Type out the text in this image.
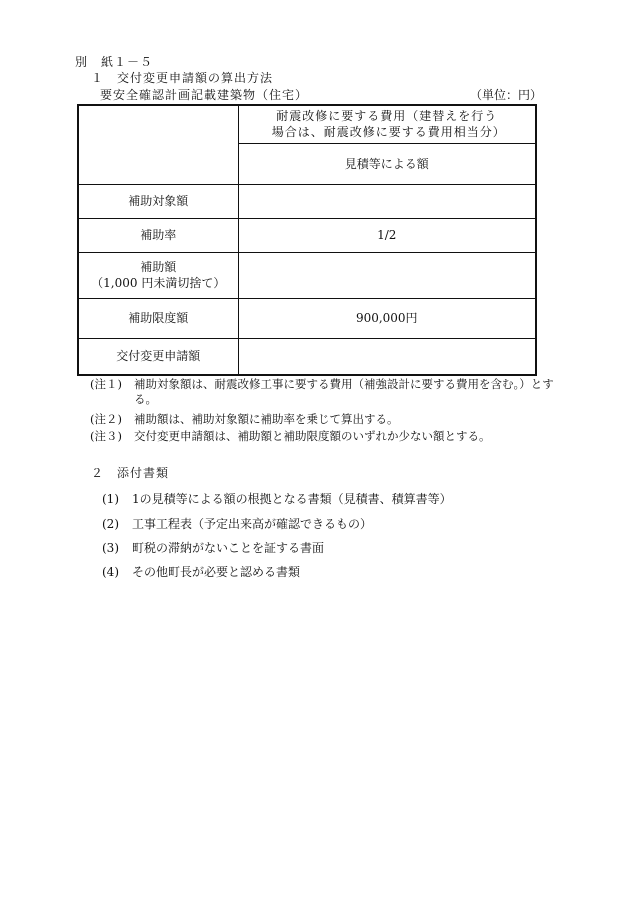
別　紙１－５
１　交付変更申請額の算出方法
要安全確認計画記載建築物（住宅）	（単位：円）

	耐震改修に要する費用（建替えを行う場合は、耐震改修に要する費用相当分）

	見積等による額
補助対象額	
補助率	1/2

補助額
（1,000 円未満切捨て）	

補助限度額	900,000円
交付変更申請額	
(注１) 補助対象額は、耐震改修工事に要する費用（補強設計に要する費用を含む。）とする。
(注２) 補助額は、補助対象額に補助率を乗じて算出する。
(注３) 交付変更申請額は、補助額と補助限度額のいずれか少ない額とする。
２　添付書類
(1) 1の見積等による額の根拠となる書類（見積書、積算書等）
(2) 工事工程表（予定出来高が確認できるもの）
(3) 町税の滞納がないことを証する書面
(4) その他町長が必要と認める書類
